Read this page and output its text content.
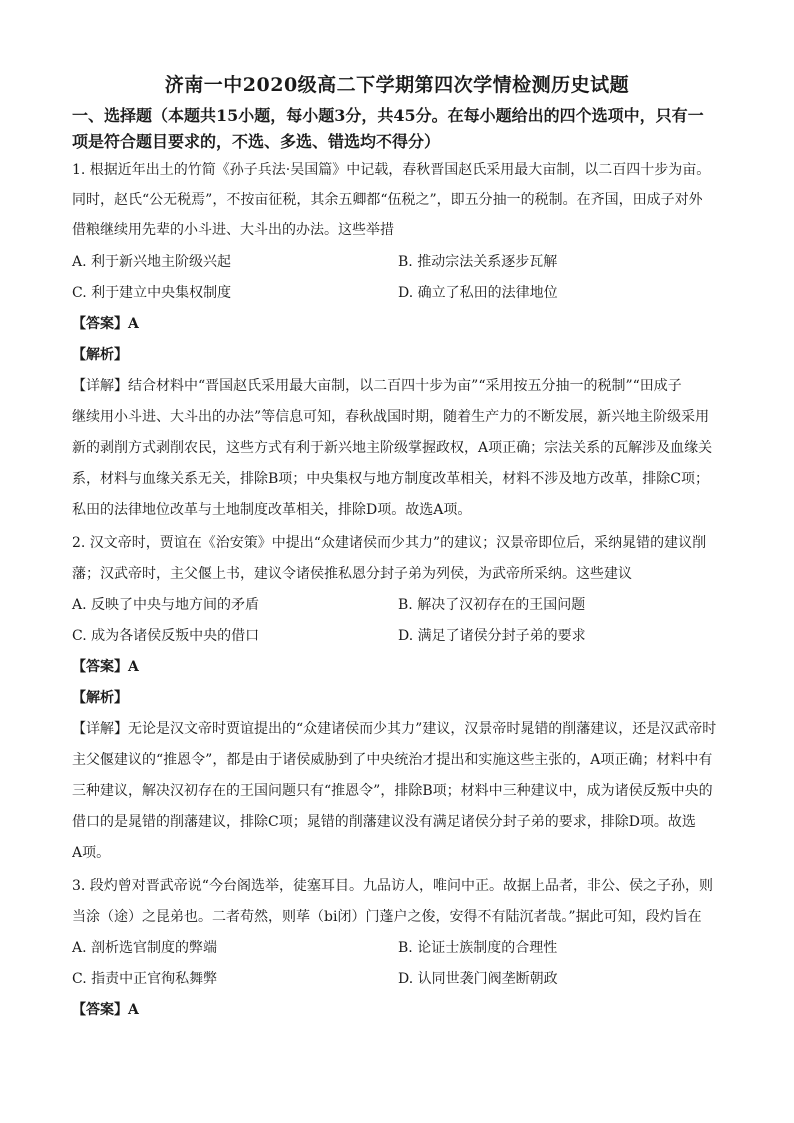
济南一中2020级高二下学期第四次学情检测历史试题
一、选择题（本题共15小题，每小题3分，共45分。在每小题给出的四个选项中，只有一
项是符合题目要求的，不选、多选、错选均不得分）
1. 根据近年出土的竹简《孙子兵法·吴国篇》中记载，春秋晋国赵氏采用最大亩制，以二百四十步为亩。
同时，赵氏“公无税焉”，不按亩征税，其余五卿都“伍税之”，即五分抽一的税制。在齐国，田成子对外
借粮继续用先辈的小斗进、大斗出的办法。这些举措
A. 利于新兴地主阶级兴起	B. 推动宗法关系逐步瓦解
C. 利于建立中央集权制度	D. 确立了私田的法律地位
【答案】A
【解析】
【详解】结合材料中“晋国赵氏采用最大亩制，以二百四十步为亩”“采用按五分抽一的税制”“田成子
继续用小斗进、大斗出的办法”等信息可知，春秋战国时期，随着生产力的不断发展，新兴地主阶级采用
新的剥削方式剥削农民，这些方式有利于新兴地主阶级掌握政权，A项正确；宗法关系的瓦解涉及血缘关
系，材料与血缘关系无关，排除B项；中央集权与地方制度改革相关，材料不涉及地方改革，排除C项；
私田的法律地位改革与土地制度改革相关，排除D项。故选A项。
2. 汉文帝时，贾谊在《治安策》中提出“众建诸侯而少其力”的建议；汉景帝即位后，采纳晁错的建议削
藩；汉武帝时，主父偃上书，建议令诸侯推私恩分封子弟为列侯，为武帝所采纳。这些建议
A. 反映了中央与地方间的矛盾	B. 解决了汉初存在的王国问题
C. 成为各诸侯反叛中央的借口	D. 满足了诸侯分封子弟的要求
【答案】A
【解析】
【详解】无论是汉文帝时贾谊提出的“众建诸侯而少其力”建议，汉景帝时晁错的削藩建议，还是汉武帝时
主父偃建议的“推恩令”，都是由于诸侯威胁到了中央统治才提出和实施这些主张的，A项正确；材料中有
三种建议，解决汉初存在的王国问题只有“推恩令”，排除B项；材料中三种建议中，成为诸侯反叛中央的
借口的是晁错的削藩建议，排除C项；晁错的削藩建议没有满足诸侯分封子弟的要求，排除D项。故选
A项。
3. 段灼曾对晋武帝说“今台阁选举，徒塞耳目。九品访人，唯问中正。故据上品者，非公、侯之子孙，则
当涂（途）之昆弟也。二者苟然，则荜（bi闭）门蓬户之俊，安得不有陆沉者哉。”据此可知，段灼旨在
A. 剖析选官制度的弊端	B. 论证士族制度的合理性
C. 指责中正官徇私舞弊	D. 认同世袭门阀垄断朝政
【答案】A
